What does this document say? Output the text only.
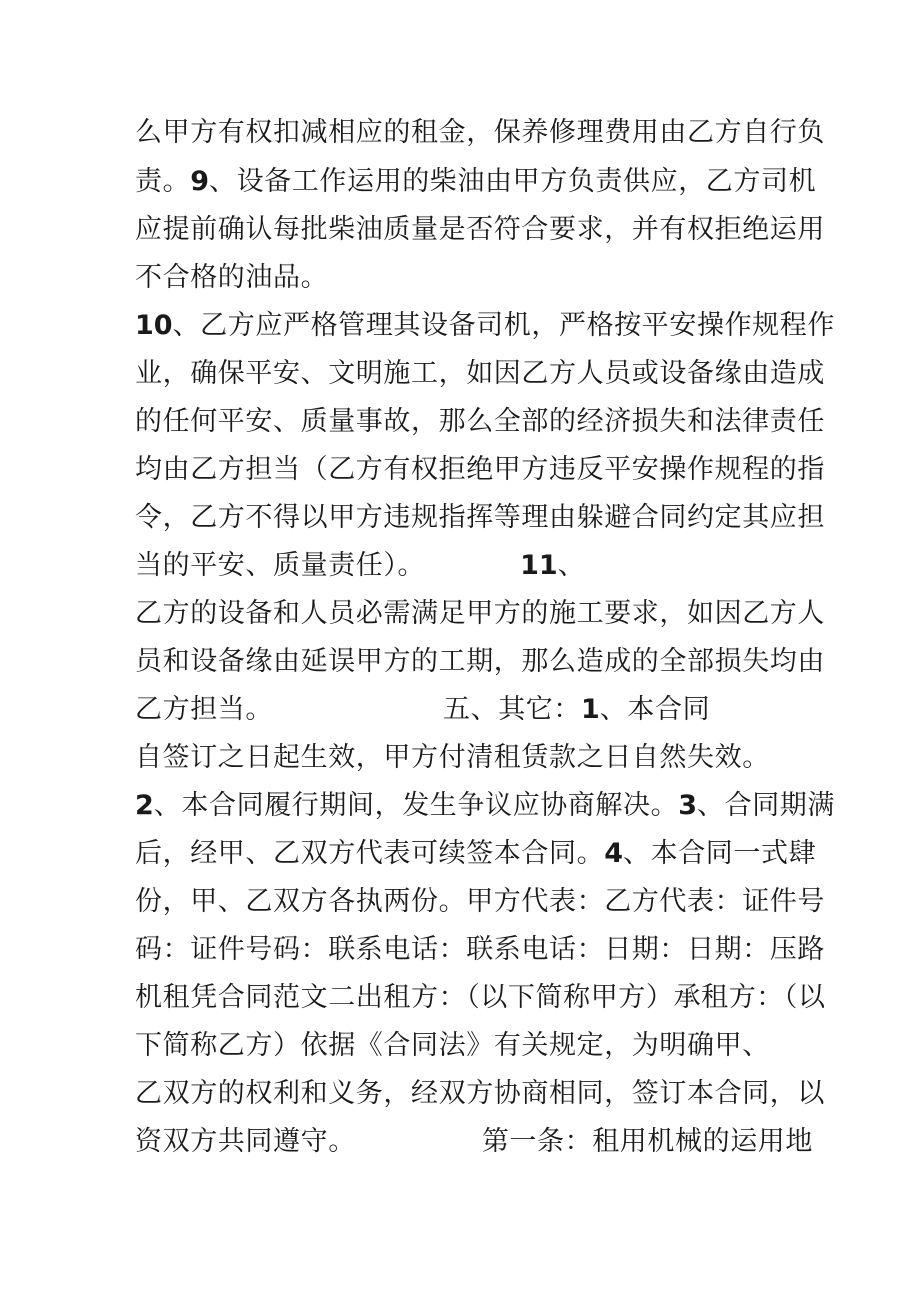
么甲方有权扣减相应的租金，保养修理费用由乙方自行负
责。9、设备工作运用的柴油由甲方负责供应，乙方司机
应提前确认每批柴油质量是否符合要求，并有权拒绝运用
不合格的油品。
10、乙方应严格管理其设备司机，严格按平安操作规程作
业，确保平安、文明施工，如因乙方人员或设备缘由造成
的任何平安、质量事故，那么全部的经济损失和法律责任
均由乙方担当（乙方有权拒绝甲方违反平安操作规程的指
令，乙方不得以甲方违规指挥等理由躲避合同约定其应担
当的平安、质量责任）。	11、
乙方的设备和人员必需满足甲方的施工要求，如因乙方人
员和设备缘由延误甲方的工期，那么造成的全部损失均由
乙方担当。	五、其它：1、本合同
自签订之日起生效，甲方付清租赁款之日自然失效。
2、本合同履行期间，发生争议应协商解决。3、合同期满
后，经甲、乙双方代表可续签本合同。4、本合同一式肆
份，甲、乙双方各执两份。甲方代表：乙方代表：证件号
码：证件号码：联系电话：联系电话：日期：日期：压路
机租凭合同范文二出租方：（以下简称甲方）承租方：（以
下简称乙方）依据《合同法》有关规定，为明确甲、
乙双方的权利和义务，经双方协商相同，签订本合同，以
资双方共同遵守。	第一条：租用机械的运用地
